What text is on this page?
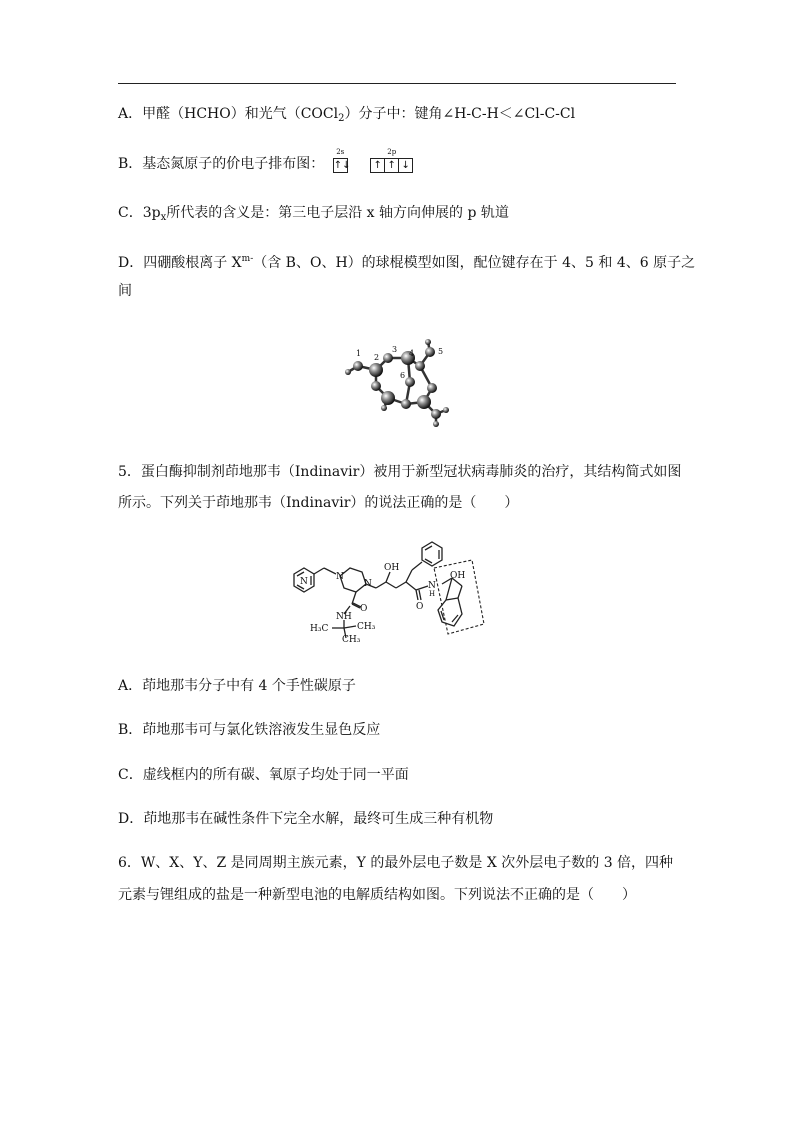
A．甲醛（HCHO）和光气（COCl$_2$）分子中：键角∠H-C-H＜∠Cl-C-Cl
B．基态氮原子的价电子排布图：
2s
↑↓
2p
↑ ↑ ↓
C．$3p_x$所代表的含义是：第三电子层沿 x 轴方向伸展的 p 轨道
D．四硼酸根离子 $X^{m-}$（含 B、O、H）的球棍模型如图，配位键存在于 4、5 和 4、6 原子之
间
1 2
3 4	5
6
5．蛋白酶抑制剂茚地那韦（Indinavir）被用于新型冠状病毒肺炎的治疗，其结构简式如图
所示。下列关于茚地那韦（Indinavir）的说法正确的是（　　）
N	N
N
OH
OH
O	O
NH
N
H
H₃C	CH₃
CH₃
A．茚地那韦分子中有 4 个手性碳原子
B．茚地那韦可与氯化铁溶液发生显色反应
C．虚线框内的所有碳、氧原子均处于同一平面
D．茚地那韦在碱性条件下完全水解，最终可生成三种有机物
6．W、X、Y、Z 是同周期主族元素，Y 的最外层电子数是 X 次外层电子数的 3 倍，四种
元素与锂组成的盐是一种新型电池的电解质结构如图。下列说法不正确的是（　　）
